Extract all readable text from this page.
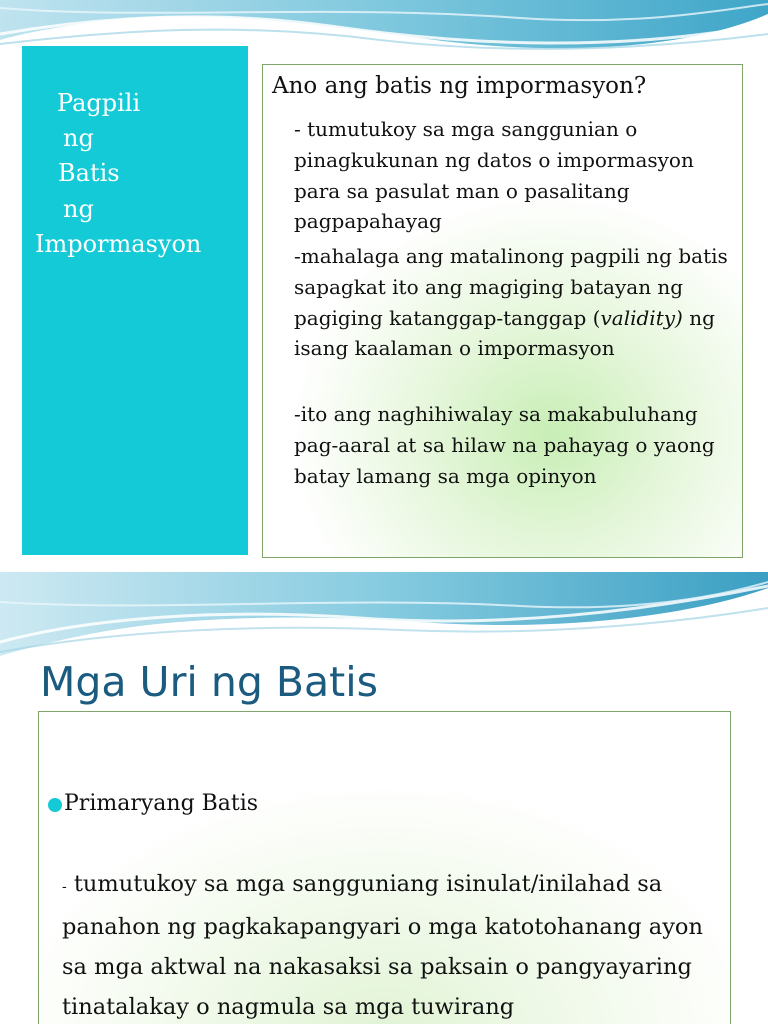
Pagpili
ng
Batis
ng
Impormasyon
Ano ang batis ng impormasyon?
- tumutukoy sa mga sanggunian o pinagkukunan ng datos o impormasyon para sa pasulat man o pasalitang pagpapahayag
-mahalaga ang matalinong pagpili ng batis sapagkat ito ang magiging batayan ng pagiging katanggap-tanggap (validity) ng isang kaalaman o impormasyon
-ito ang naghihiwalay sa makabuluhang pag-aaral at sa hilaw na pahayag o yaong batay lamang sa mga opinyon
Mga Uri ng Batis
Primaryang Batis
- tumutukoy sa mga sangguniang isinulat/inilahad sa panahon ng pagkakapangyari o mga katotohanang ayon sa mga aktwal na nakasaksi sa paksain o pangyayaring tinatalakay o nagmula sa mga tuwirang
